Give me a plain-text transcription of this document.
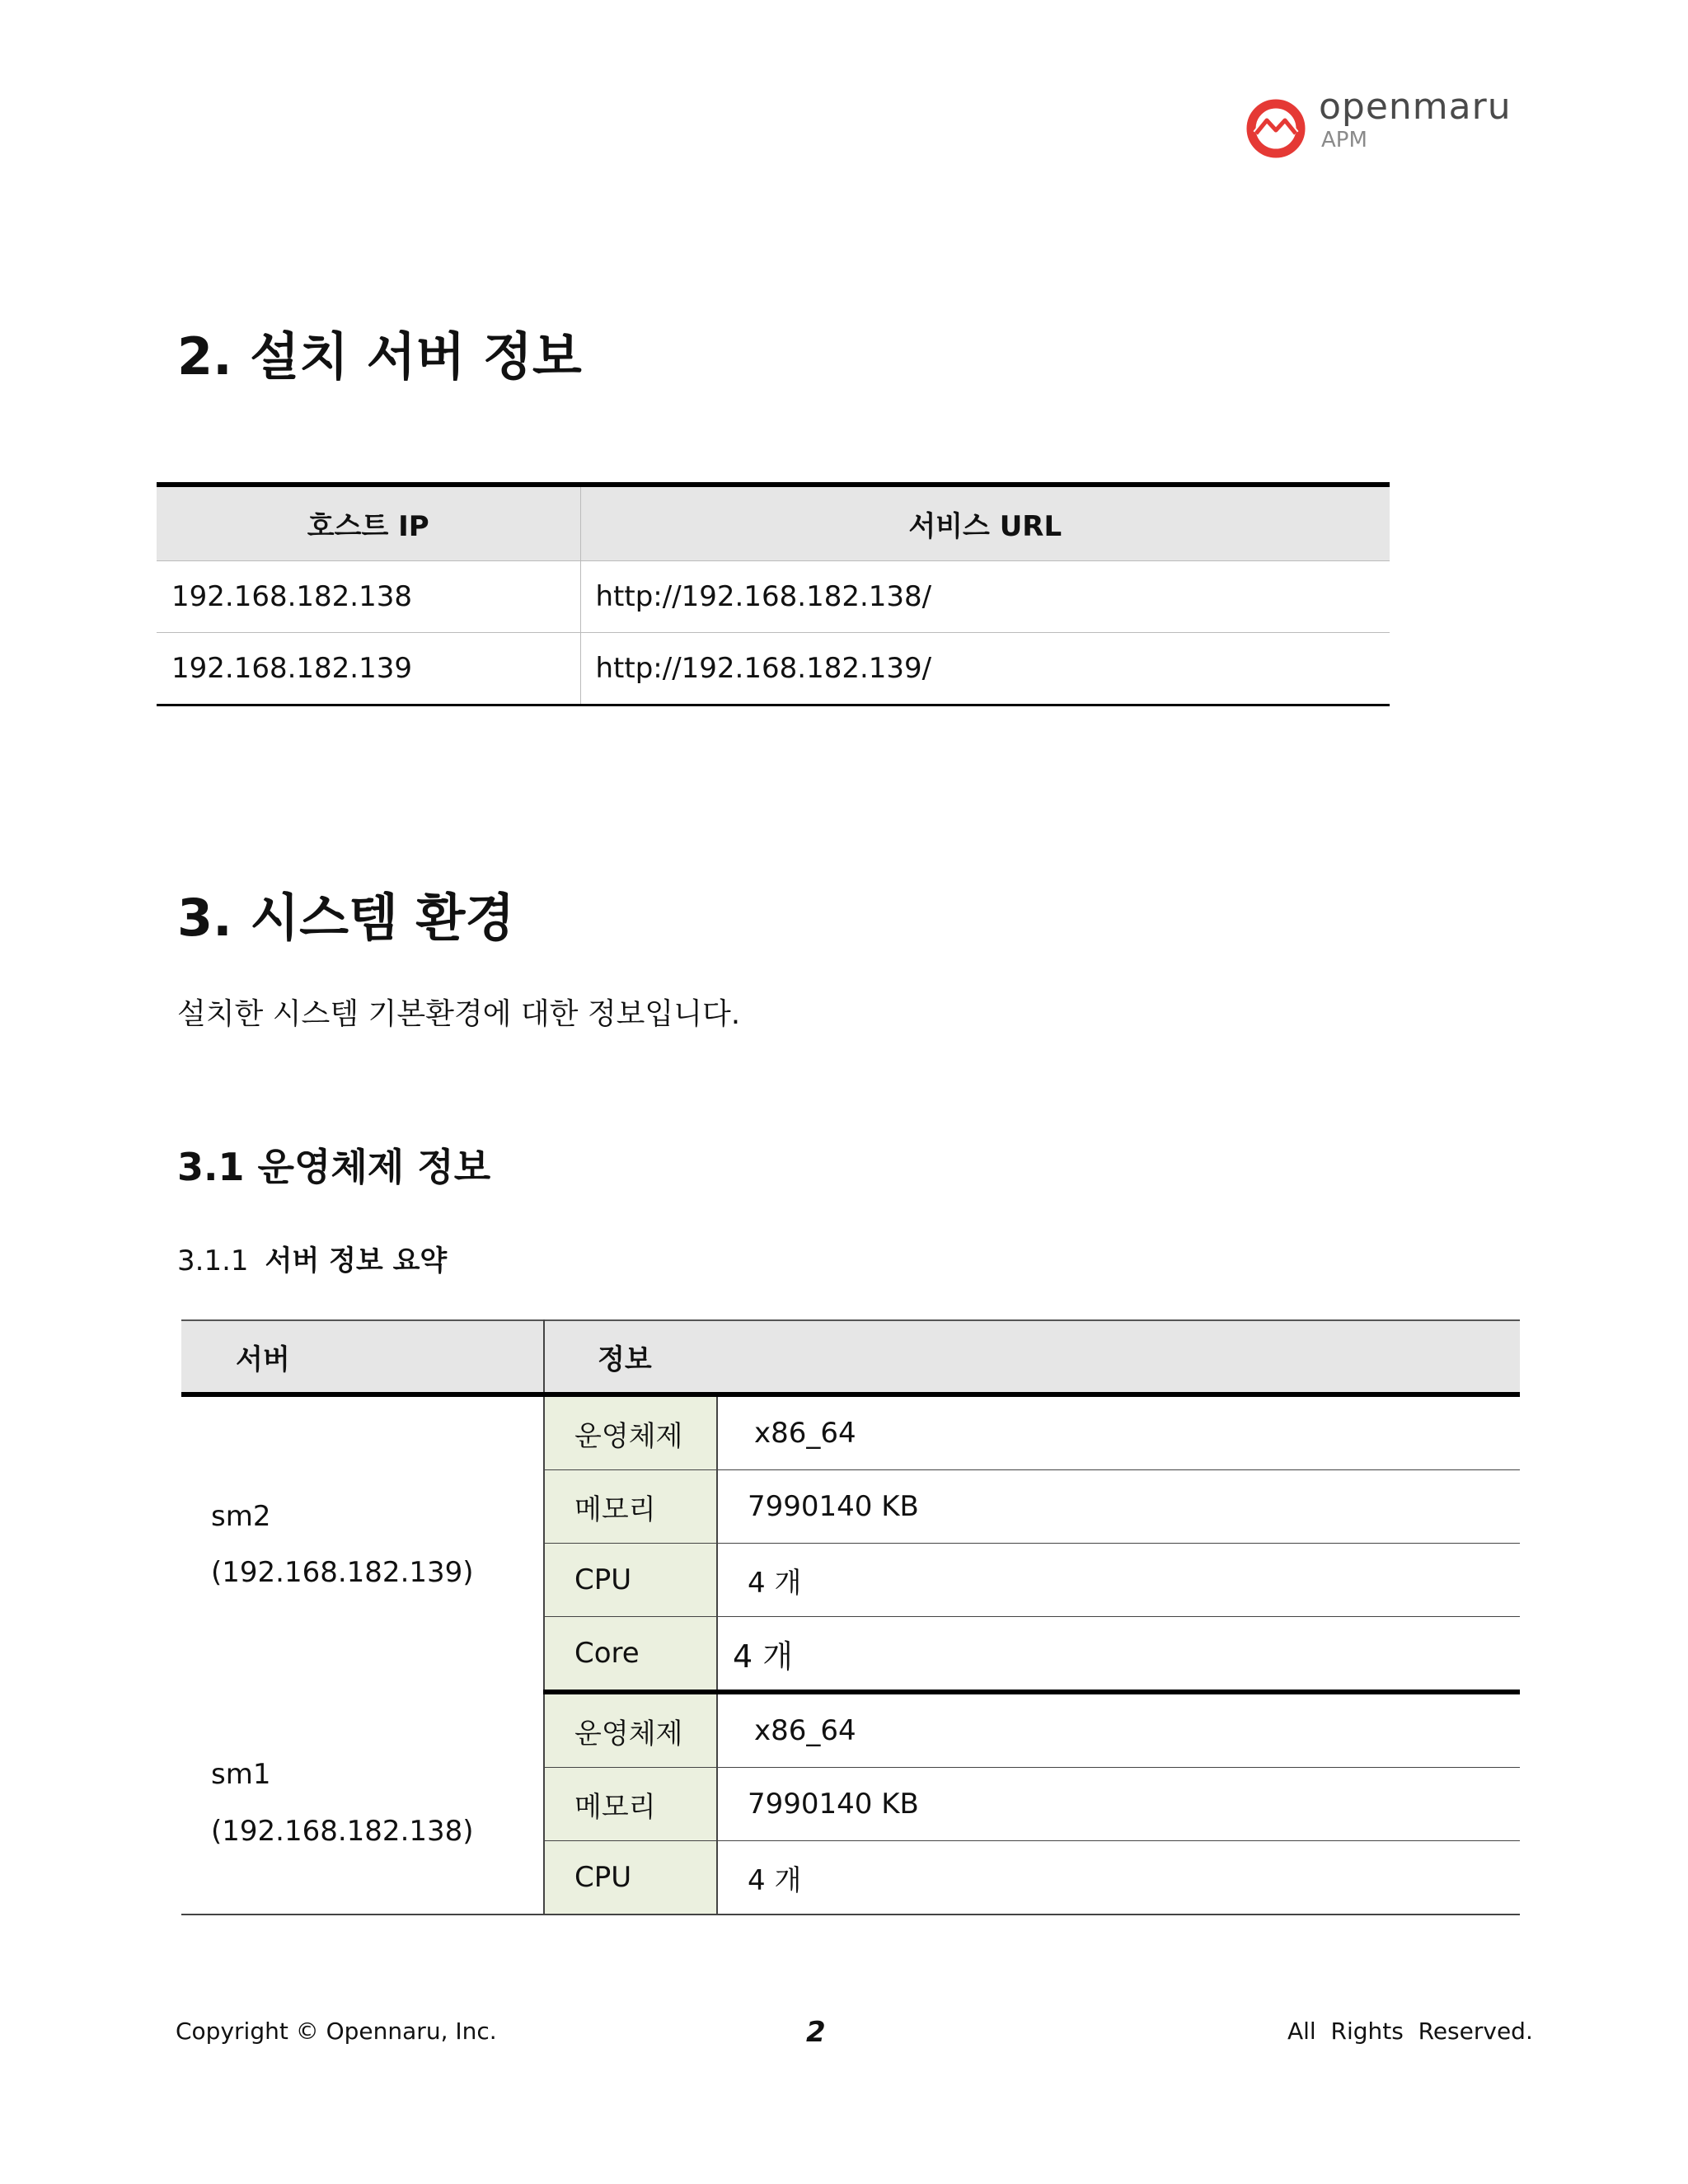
openmaru
APM
2. 설치 서버 정보
호스트 IP	서비스 URL
192.168.182.138	http://192.168.182.138/
192.168.182.139	http://192.168.182.139/
3. 시스템 환경
설치한 시스템 기본환경에 대한 정보입니다.
3.1 운영체제 정보
3.1.1 서버 정보 요약
서버	정보	

sm2
(192.168.182.139)	운영체제	x86_64
	메모리	7990140 KB
	CPU	4 개
	Core	4 개

sm1
(192.168.182.138)	운영체제	x86_64
	메모리	7990140 KB
	CPU	4 개
Copyright © Opennaru, Inc.	2	All  Rights  Reserved.
